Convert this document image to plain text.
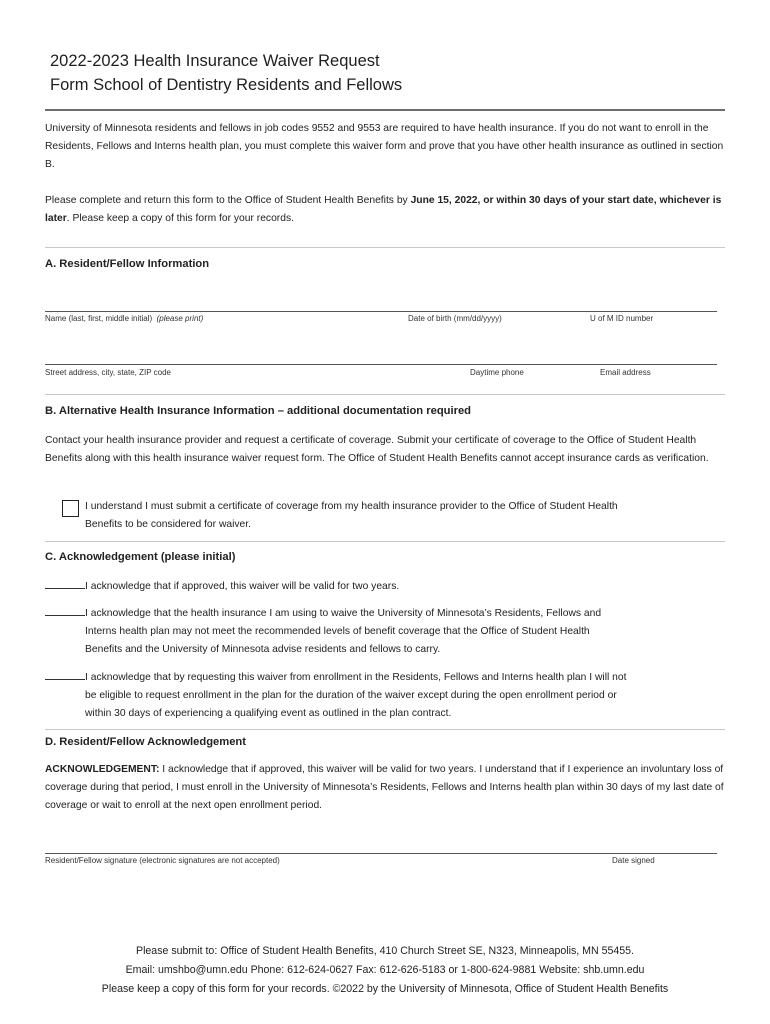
2022-2023 Health Insurance Waiver Request
Form School of Dentistry Residents and Fellows
University of Minnesota residents and fellows in job codes 9552 and 9553 are required to have health insurance. If you do not want to enroll in the Residents, Fellows and Interns health plan, you must complete this waiver form and prove that you have other health insurance as outlined in section B.
Please complete and return this form to the Office of Student Health Benefits by June 15, 2022, or within 30 days of your start date, whichever is later. Please keep a copy of this form for your records.
A. Resident/Fellow Information
Name (last, first, middle initial) (please print)	Date of birth (mm/dd/yyyy)	U of M ID number
Street address, city, state, ZIP code	Daytime phone	Email address
B. Alternative Health Insurance Information – additional documentation required
Contact your health insurance provider and request a certificate of coverage. Submit your certificate of coverage to the Office of Student Health Benefits along with this health insurance waiver request form. The Office of Student Health Benefits cannot accept insurance cards as verification.
I understand I must submit a certificate of coverage from my health insurance provider to the Office of Student Health
Benefits to be considered for waiver.
C. Acknowledgement (please initial)
I acknowledge that if approved, this waiver will be valid for two years.
I acknowledge that the health insurance I am using to waive the University of Minnesota’s Residents, Fellows and
Interns health plan may not meet the recommended levels of benefit coverage that the Office of Student Health
Benefits and the University of Minnesota advise residents and fellows to carry.
I acknowledge that by requesting this waiver from enrollment in the Residents, Fellows and Interns health plan I will not
be eligible to request enrollment in the plan for the duration of the waiver except during the open enrollment period or
within 30 days of experiencing a qualifying event as outlined in the plan contract.
D. Resident/Fellow Acknowledgement
ACKNOWLEDGEMENT: I acknowledge that if approved, this waiver will be valid for two years. I understand that if I experience an involuntary loss of coverage during that period, I must enroll in the University of Minnesota’s Residents, Fellows and Interns health plan within 30 days of my last date of coverage or wait to enroll at the next open enrollment period.
Resident/Fellow signature (electronic signatures are not accepted)	Date signed
Please submit to: Office of Student Health Benefits, 410 Church Street SE, N323, Minneapolis, MN 55455.
Email: umshbo@umn.edu Phone: 612-624-0627 Fax: 612-626-5183 or 1-800-624-9881 Website: shb.umn.edu
Please keep a copy of this form for your records. ©2022 by the University of Minnesota, Office of Student Health Benefits
